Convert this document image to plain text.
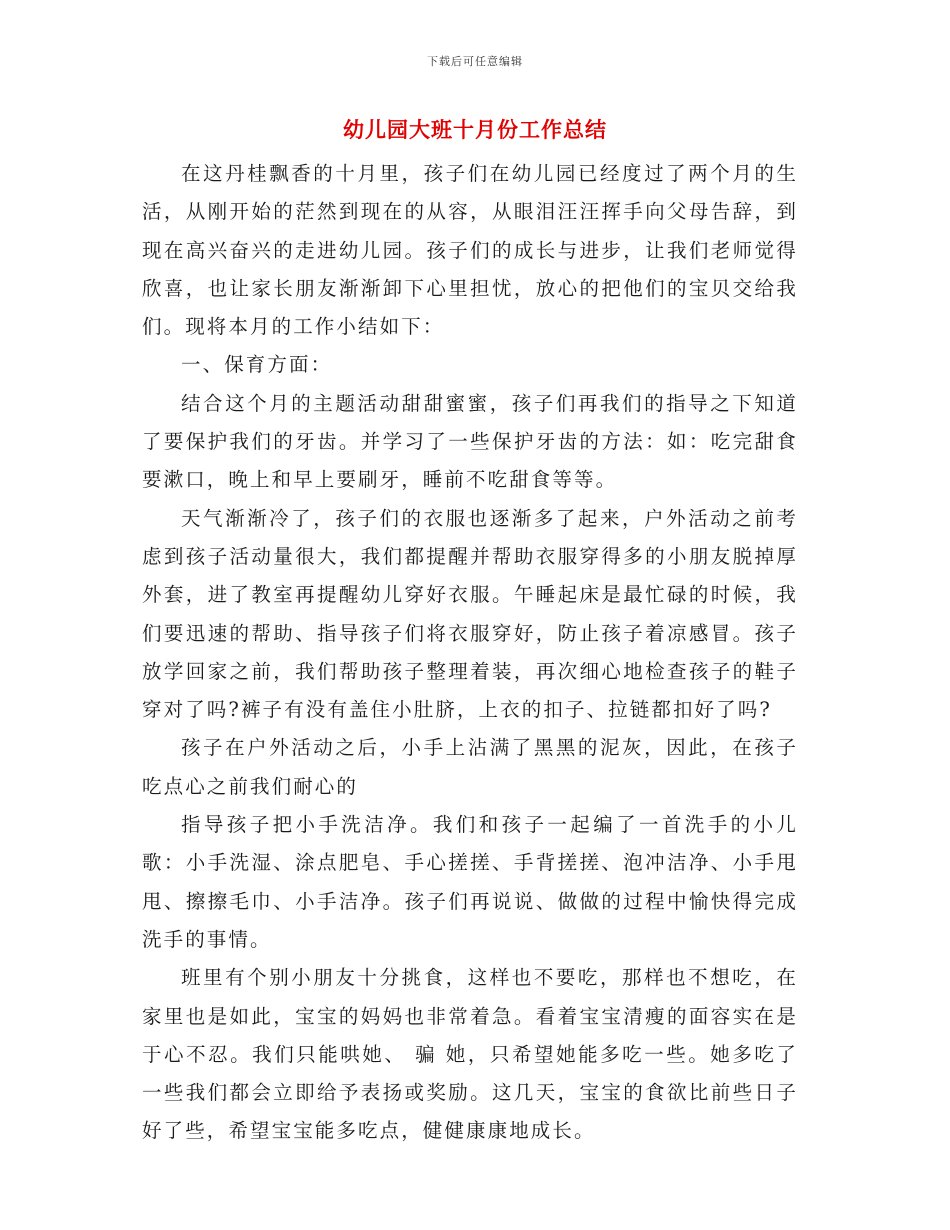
下载后可任意编辑
幼儿园大班十月份工作总结

在这丹桂飘香的十月里，孩子们在幼儿园已经度过了两个月的生活，从刚开始的茫然到现在的从容，从眼泪汪汪挥手向父母告辞，到现在高兴奋兴的走进幼儿园。孩子们的成长与进步，让我们老师觉得欣喜，也让家长朋友渐渐卸下心里担忧，放心的把他们的宝贝交给我们。现将本月的工作小结如下：

一、保育方面：

结合这个月的主题活动甜甜蜜蜜，孩子们再我们的指导之下知道了要保护我们的牙齿。并学习了一些保护牙齿的方法：如：吃完甜食要漱口，晚上和早上要刷牙，睡前不吃甜食等等。

天气渐渐冷了，孩子们的衣服也逐渐多了起来，户外活动之前考虑到孩子活动量很大，我们都提醒并帮助衣服穿得多的小朋友脱掉厚外套，进了教室再提醒幼儿穿好衣服。午睡起床是最忙碌的时候，我们要迅速的帮助、指导孩子们将衣服穿好，防止孩子着凉感冒。孩子放学回家之前，我们帮助孩子整理着装，再次细心地检查孩子的鞋子穿对了吗?裤子有没有盖住小肚脐，上衣的扣子、拉链都扣好了吗?

孩子在户外活动之后，小手上沾满了黑黑的泥灰，因此，在孩子吃点心之前我们耐心的

指导孩子把小手洗洁净。我们和孩子一起编了一首洗手的小儿歌：小手洗湿、涂点肥皂、手心搓搓、手背搓搓、泡冲洁净、小手甩甩、擦擦毛巾、小手洁净。孩子们再说说、做做的过程中愉快得完成洗手的事情。

班里有个别小朋友十分挑食，这样也不要吃，那样也不想吃，在家里也是如此，宝宝的妈妈也非常着急。看着宝宝清瘦的面容实在是于心不忍。我们只能哄她、 骗 她，只希望她能多吃一些。她多吃了一些我们都会立即给予表扬或奖励。这几天，宝宝的食欲比前些日子好了些，希望宝宝能多吃点，健健康康地成长。
